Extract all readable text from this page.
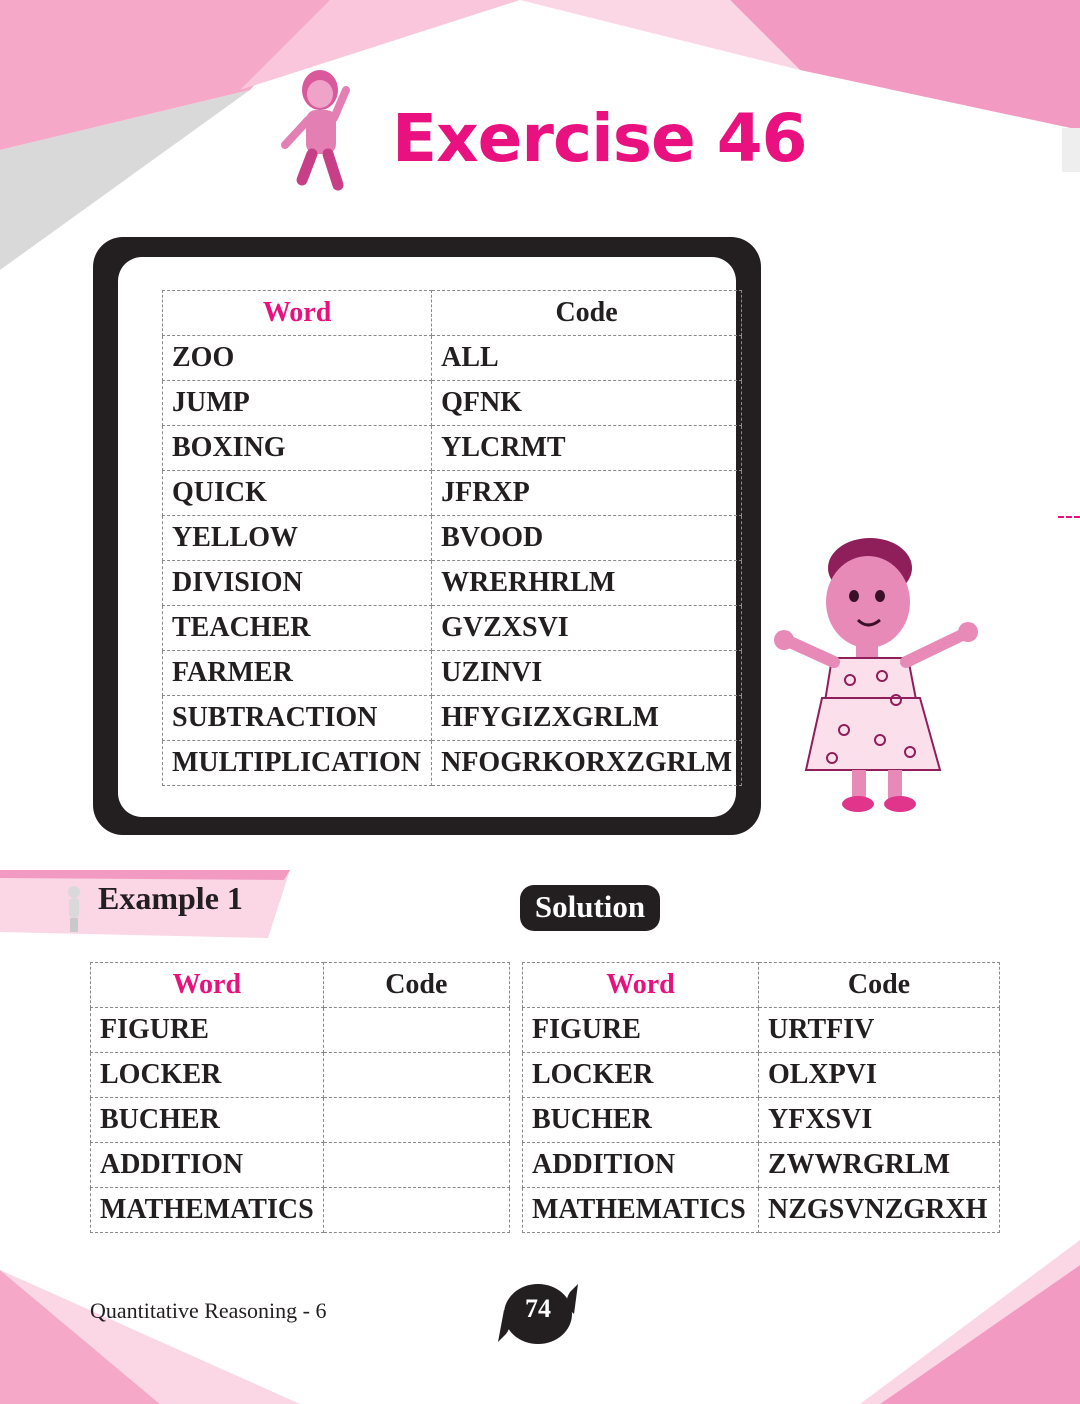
Exercise 46
Word	Code
ZOO	ALL
JUMP	QFNK
BOXING	YLCRMT
QUICK	JFRXP
YELLOW	BVOOD
DIVISION	WRERHRLM
TEACHER	GVZXSVI
FARMER	UZINVI
SUBTRACTION	HFYGIZXGRLM
MULTIPLICATION	NFOGRKORXZGRLM
Example 1	Solution
Word	Code
FIGURE	
LOCKER	
BUCHER	
ADDITION	
MATHEMATICS	
Word	Code
FIGURE	URTFIV
LOCKER	OLXPVI
BUCHER	YFXSVI
ADDITION	ZWWRGRLM
MATHEMATICS	NZGSVNZGRXH
Quantitative Reasoning - 6	74
